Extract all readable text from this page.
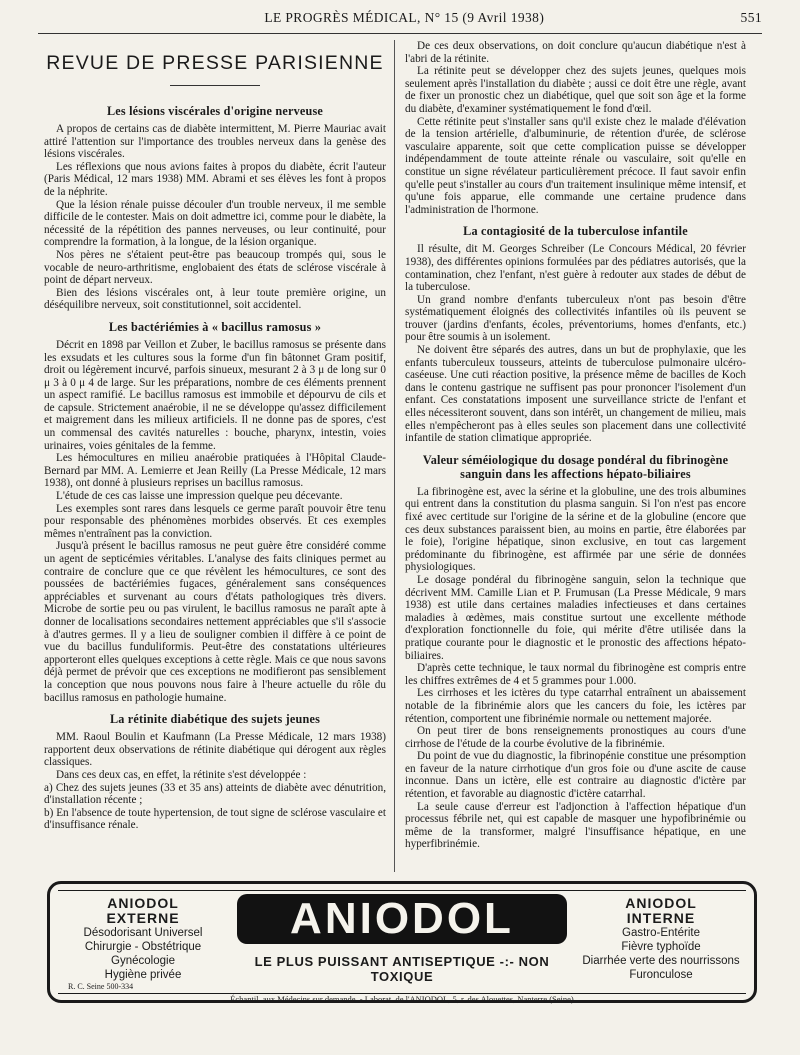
LE PROGRÈS MÉDICAL, N° 15 (9 Avril 1938)	551
REVUE DE PRESSE PARISIENNE
Les lésions viscérales d'origine nerveuse

A propos de certains cas de diabète intermittent, M. Pierre Mauriac avait attiré l'attention sur l'importance des troubles nerveux dans la genèse des lésions viscérales.

Les réflexions que nous avions faites à propos du diabète, écrit l'auteur (Paris Médical, 12 mars 1938) MM. Abrami et ses élèves les font à propos de la néphrite.

Que la lésion rénale puisse découler d'un trouble nerveux, il me semble difficile de le contester. Mais on doit admettre ici, comme pour le diabète, la nécessité de la répétition des pannes nerveuses, ou leur continuité, pour comprendre la formation, à la longue, de la lésion organique.

Nos pères ne s'étaient peut-être pas beaucoup trompés qui, sous le vocable de neuro-arthritisme, englobaient des états de sclérose viscérale à point de départ nerveux.

Bien des lésions viscérales ont, à leur toute première origine, un déséquilibre nerveux, soit constitutionnel, soit accidentel.

Les bactériémies à « bacillus ramosus »

Décrit en 1898 par Veillon et Zuber, le bacillus ramosus se présente dans les exsudats et les cultures sous la forme d'un fin bâtonnet Gram positif, droit ou légèrement incurvé, parfois sinueux, mesurant 2 à 3 μ de long sur 0 μ 3 à 0 μ 4 de large. Sur les préparations, nombre de ces éléments prennent un aspect ramifié. Le bacillus ramosus est immobile et dépourvu de cils et de capsule. Strictement anaérobie, il ne se développe qu'assez difficilement et maigrement dans les milieux artificiels. Il ne donne pas de spores, c'est un commensal des cavités naturelles : bouche, pharynx, intestin, voies urinaires, voies génitales de la femme.

Les hémocultures en milieu anaérobie pratiquées à l'Hôpital Claude-Bernard par MM. A. Lemierre et Jean Reilly (La Presse Médicale, 12 mars 1938), ont donné à plusieurs reprises un bacillus ramosus.

L'étude de ces cas laisse une impression quelque peu décevante.

Les exemples sont rares dans lesquels ce germe paraît pouvoir être tenu pour responsable des phénomènes morbides observés. Et ces exemples mêmes n'entraînent pas la conviction.

Jusqu'à présent le bacillus ramosus ne peut guère être considéré comme un agent de septicémies véritables. L'analyse des faits cliniques permet au contraire de conclure que ce que révèlent les hémocultures, ce sont des poussées de bactériémies fugaces, généralement sans conséquences appréciables et survenant au cours d'états pathologiques très divers. Microbe de sortie peu ou pas virulent, le bacillus ramosus ne paraît apte à donner de localisations secondaires nettement appréciables que s'il s'associe à d'autres germes. Il y a lieu de souligner combien il diffère à ce point de vue du bacillus funduliformis. Peut-être des constatations ultérieures apporteront elles quelques exceptions à cette règle. Mais ce que nous savons déjà permet de prévoir que ces exceptions ne modifieront pas sensiblement la conception que nous pouvons nous faire à l'heure actuelle du rôle du bacillus ramosus en pathologie humaine.

La rétinite diabétique des sujets jeunes

MM. Raoul Boulin et Kaufmann (La Presse Médicale, 12 mars 1938) rapportent deux observations de rétinite diabétique qui dérogent aux règles classiques.

Dans ces deux cas, en effet, la rétinite s'est développée :

a) Chez des sujets jeunes (33 et 35 ans) atteints de diabète avec dénutrition, d'installation récente ;

b) En l'absence de toute hypertension, de tout signe de sclérose vasculaire et d'insuffisance rénale.

De ces deux observations, on doit conclure qu'aucun diabétique n'est à l'abri de la rétinite.

La rétinite peut se développer chez des sujets jeunes, quelques mois seulement après l'installation du diabète ; aussi ce doit être une règle, avant de fixer un pronostic chez un diabétique, quel que soit son âge et la forme du diabète, d'examiner systématiquement le fond d'œil.

Cette rétinite peut s'installer sans qu'il existe chez le malade d'élévation de la tension artérielle, d'albuminurie, de rétention d'urée, de sclérose vasculaire apparente, soit que cette complication puisse se développer indépendamment de toute atteinte rénale ou vasculaire, soit qu'elle en constitue un signe révélateur particulièrement précoce. Il faut savoir enfin qu'elle peut s'installer au cours d'un traitement insulinique même intensif, et qu'une fois apparue, elle commande une certaine prudence dans l'administration de l'hormone.

La contagiosité de la tuberculose infantile

Il résulte, dit M. Georges Schreiber (Le Concours Médical, 20 février 1938), des différentes opinions formulées par des pédiatres autorisés, que la contamination, chez l'enfant, n'est guère à redouter aux stades de début de la tuberculose.

Un grand nombre d'enfants tuberculeux n'ont pas besoin d'être systématiquement éloignés des collectivités infantiles où ils peuvent se trouver (jardins d'enfants, écoles, préventoriums, homes d'enfants, etc.) pour être soumis à un isolement.

Ne doivent être séparés des autres, dans un but de prophylaxie, que les enfants tuberculeux tousseurs, atteints de tuberculose pulmonaire ulcéro-caséeuse. Une cuti réaction positive, la présence même de bacilles de Koch dans le contenu gastrique ne suffisent pas pour prononcer l'isolement d'un enfant. Ces constatations imposent une surveillance stricte de l'enfant et elles nécessiteront souvent, dans son intérêt, un changement de milieu, mais elles n'empêcheront pas à elles seules son placement dans une collectivité infantile de station climatique appropriée.

Valeur séméiologique du dosage pondéral du fibrinogène sanguin dans les affections hépato-biliaires

La fibrinogène est, avec la sérine et la globuline, une des trois albumines qui entrent dans la constitution du plasma sanguin. Si l'on n'est pas encore fixé avec certitude sur l'origine de la sérine et de la globuline (encore que ces deux substances paraissent bien, au moins en partie, être élaborées par le foie), l'origine hépatique, sinon exclusive, en tout cas largement prédominante du fibrinogène, est affirmée par une série de données physiologiques.

Le dosage pondéral du fibrinogène sanguin, selon la technique que décrivent MM. Camille Lian et P. Frumusan (La Presse Médicale, 9 mars 1938) est utile dans certaines maladies infectieuses et dans certaines maladies à œdèmes, mais constitue surtout une excellente méthode d'exploration fonctionnelle du foie, qui mérite d'être utilisée dans la pratique courante pour le diagnostic et le pronostic des affections hépato-biliaires.

D'après cette technique, le taux normal du fibrinogène est compris entre les chiffres extrêmes de 4 et 5 grammes pour 1.000.

Les cirrhoses et les ictères du type catarrhal entraînent un abaissement notable de la fibrinémie alors que les cancers du foie, les ictères par rétention, comportent une fibrinémie normale ou nettement majorée.

On peut tirer de bons renseignements pronostiques au cours d'une cirrhose de l'étude de la courbe évolutive de la fibrinémie.

Du point de vue du diagnostic, la fibrinopénie constitue une présomption en faveur de la nature cirrhotique d'un gros foie ou d'une ascite de cause inconnue. Dans un ictère, elle est contraire au diagnostic d'ictère par rétention, et favorable au diagnostic d'ictère catarrhal.

La seule cause d'erreur est l'adjonction à l'affection hépatique d'un processus fébrile net, qui est capable de masquer une hypofibrinémie ou même de la transformer, malgré l'insuffisance hépatique, en une hyperfibrinémie.

ANIODOL
EXTERNE
Désodorisant Universel
Chirurgie - Obstétrique
Gynécologie
Hygiène privée
R. C. Seine 500-334
ANIODOL
LE PLUS PUISSANT ANTISEPTIQUE -:- NON TOXIQUE
Échantil. aux Médecins sur demande. - Laborat. de l'ANIODOL, 5, r. des Alouettes, Nanterre (Seine)
ANIODOL
INTERNE
Gastro-Entérite
Fièvre typhoïde
Diarrhée verte des nourrissons
Furonculose
